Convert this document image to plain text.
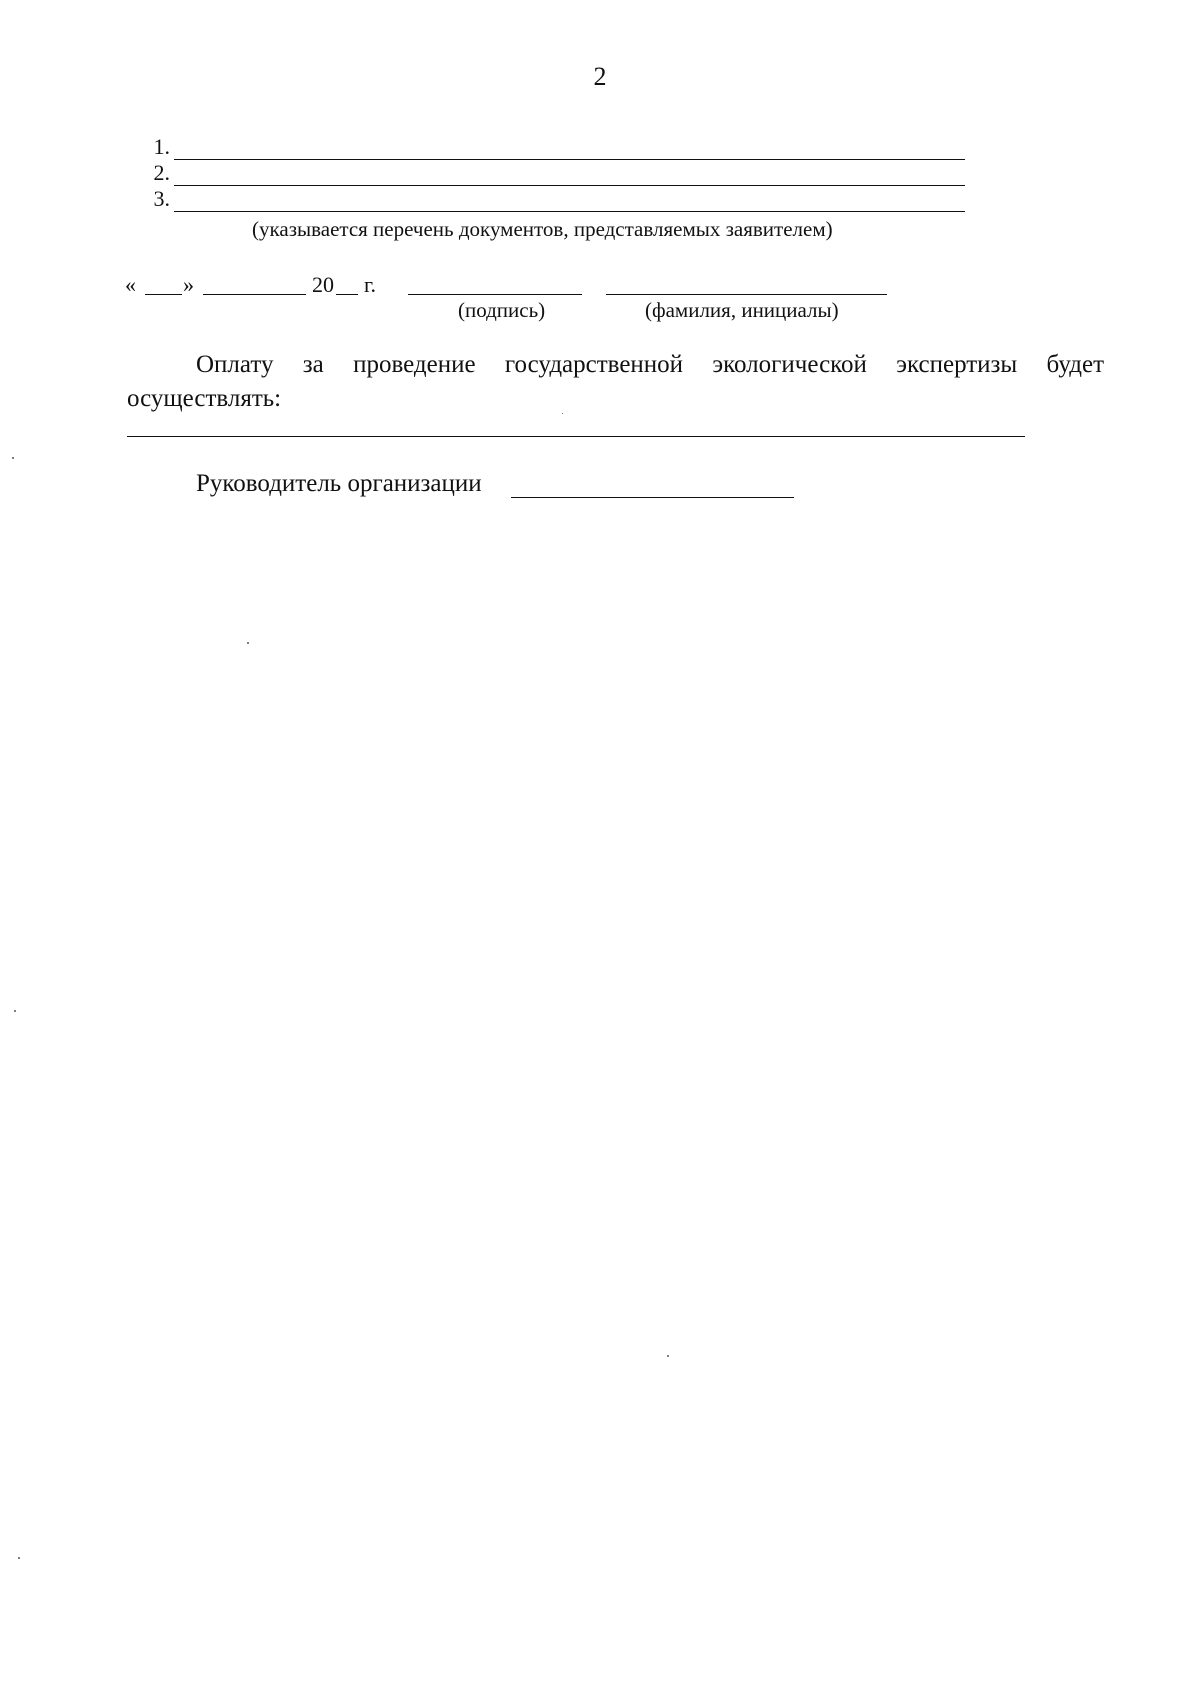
2
1.
2.
3.
(указывается перечень документов, представляемых заявителем)
« »	20 г.
(подпись)	(фамилия, инициалы)
Оплату за проведение государственной экологической экспертизы будет
осуществлять:
Руководитель организации
